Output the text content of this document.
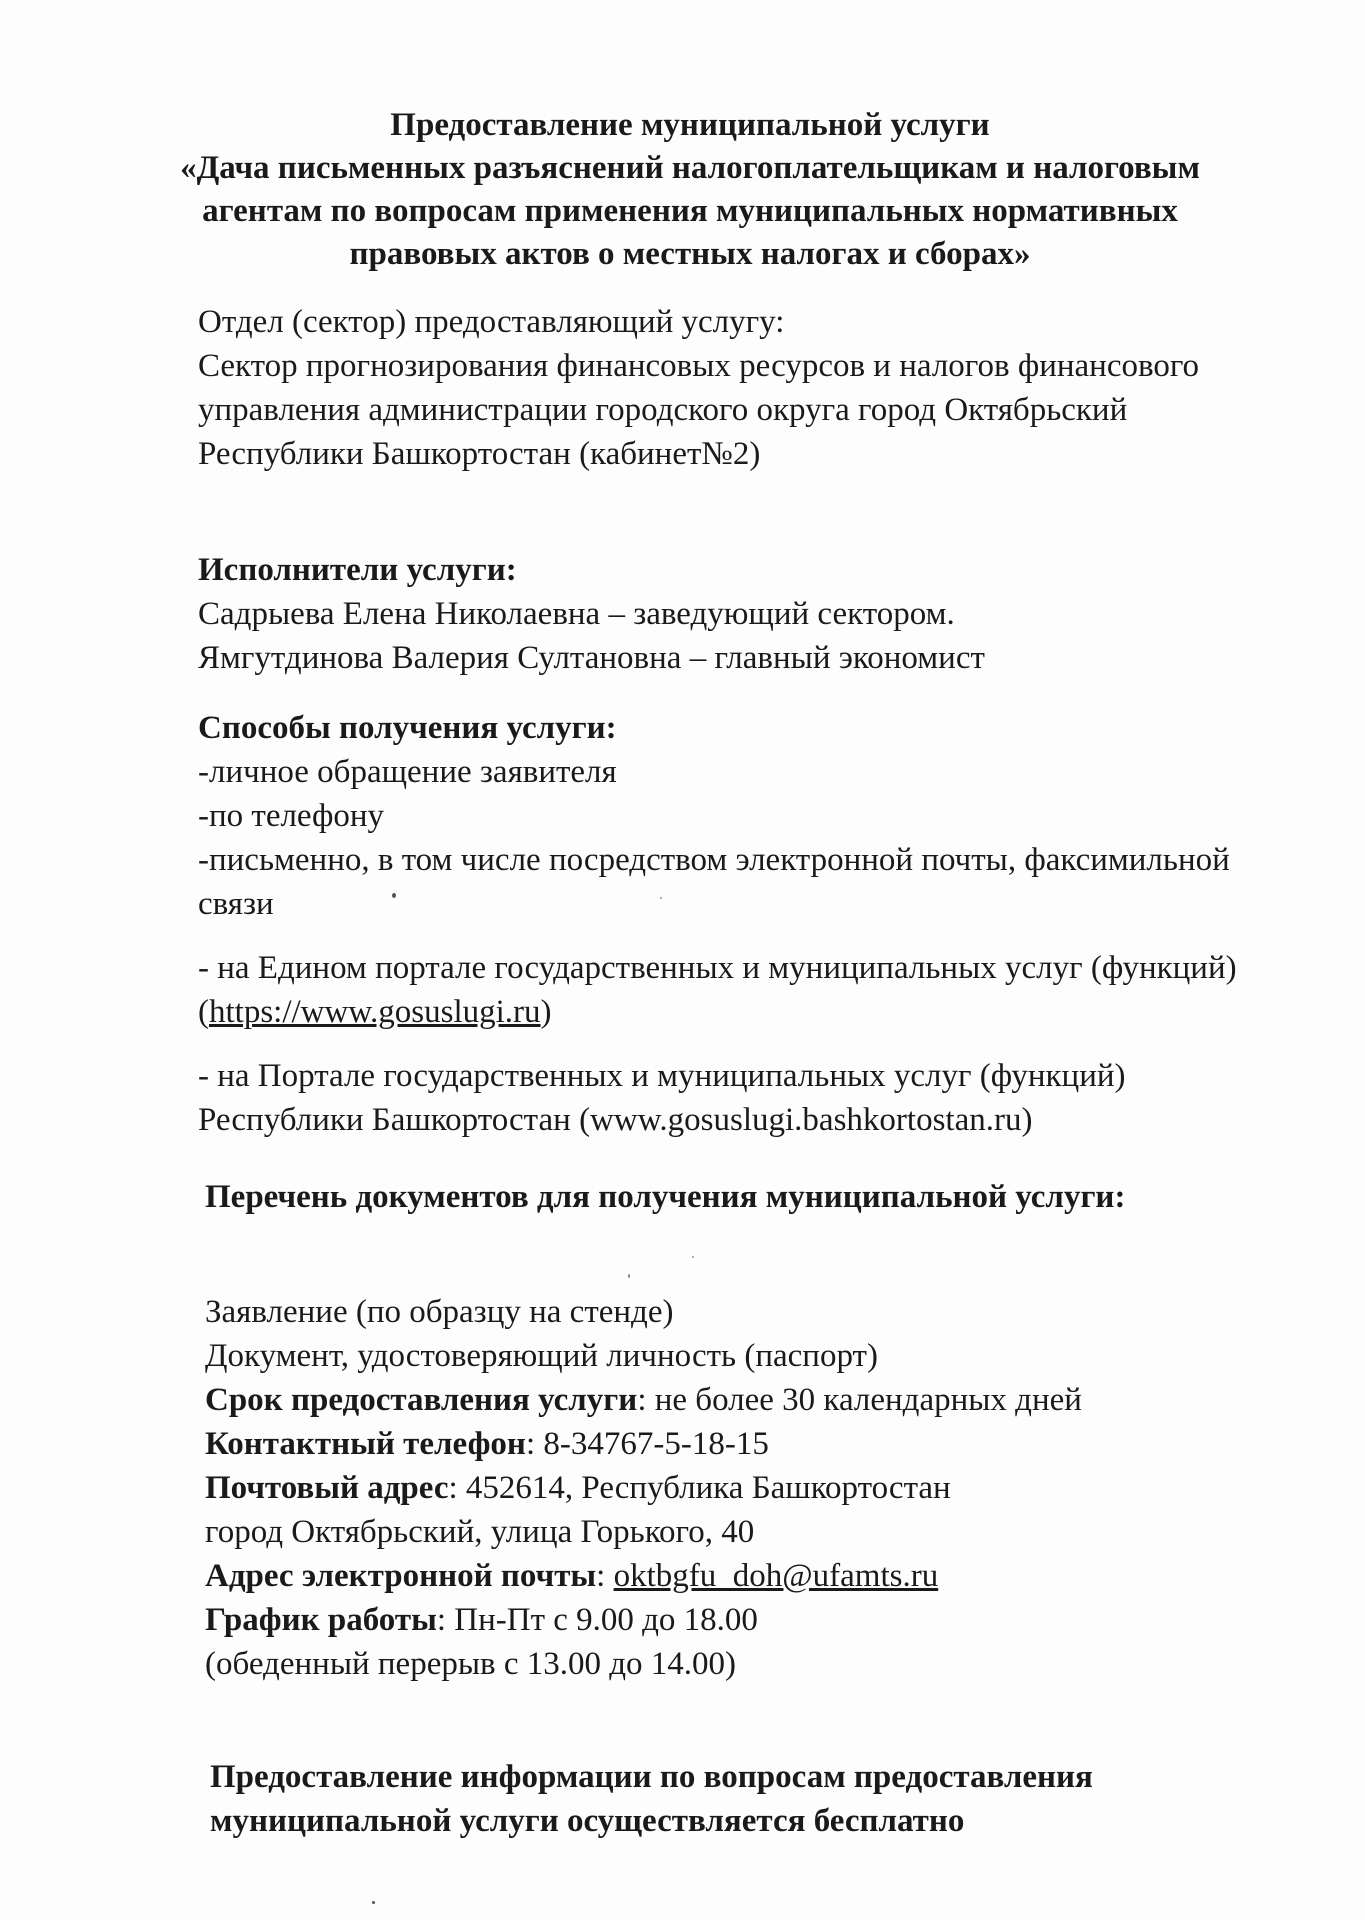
Предоставление муниципальной услуги
«Дача письменных разъяснений налогоплательщикам и налоговым
агентам по вопросам применения муниципальных нормативных
правовых актов о местных налогах и сборах»
Отдел (сектор) предоставляющий услугу:
Сектор прогнозирования финансовых ресурсов и налогов финансового
управления администрации городского округа город Октябрьский
Республики Башкортостан (кабинет№2)
Исполнители услуги:
Садрыева Елена Николаевна – заведующий сектором.
Ямгутдинова Валерия Султановна – главный экономист
Способы получения услуги:
-личное обращение заявителя
-по телефону
-письменно, в том числе посредством электронной почты, факсимильной
связи
- на Едином портале государственных и муниципальных услуг (функций)
(https://www.gosuslugi.ru)
- на Портале государственных и муниципальных услуг (функций)
Республики Башкортостан (www.gosuslugi.bashkortostan.ru)
Перечень документов для получения муниципальной услуги:
Заявление (по образцу на стенде)
Документ, удостоверяющий личность (паспорт)
Срок предоставления услуги: не более 30 календарных дней
Контактный телефон: 8-34767-5-18-15
Почтовый адрес: 452614, Республика Башкортостан
город Октябрьский, улица Горького, 40
Адрес электронной почты: oktbgfu_doh@ufamts.ru
График работы: Пн-Пт с 9.00 до 18.00
(обеденный перерыв с 13.00 до 14.00)
Предоставление информации по вопросам предоставления
муниципальной услуги осуществляется бесплатно
